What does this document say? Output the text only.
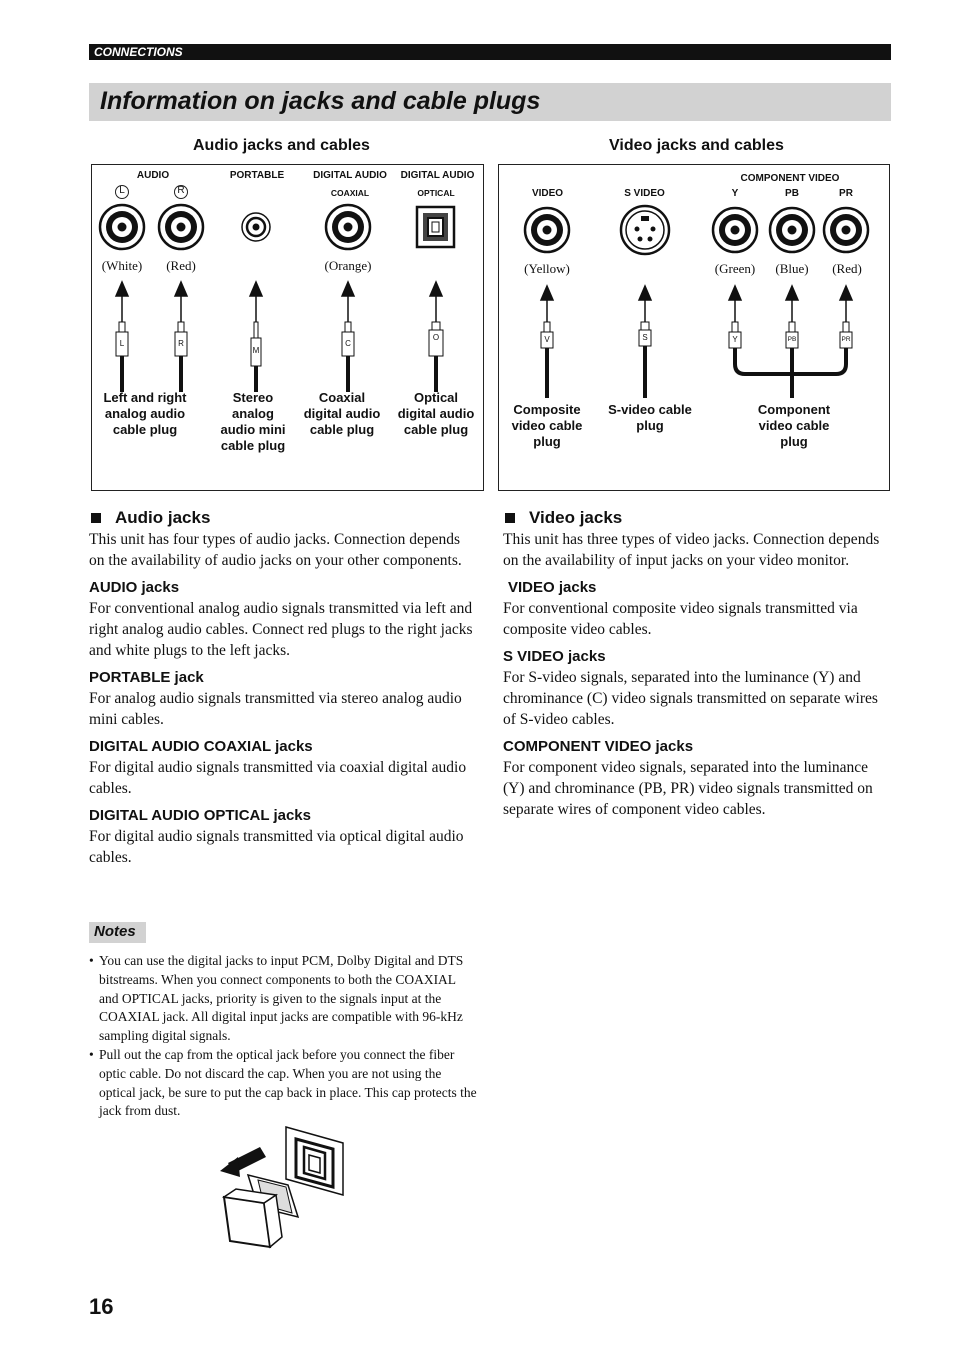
CONNECTIONS
Information on jacks and cable plugs
Audio jacks and cables	Video jacks and cables
AUDIO	PORTABLE	DIGITAL AUDIO	DIGITAL AUDIO
COAXIAL	OPTICAL
L	R
(White)	(Red)	(Orange)
L	R
M
C
O
Left and right analog audio cable plug
Stereo analog audio mini cable plug
Coaxial digital audio cable plug
Optical digital audio cable plug
COMPONENT VIDEO
VIDEO	S VIDEO	Y	PB	PR
(Yellow)	(Green)	(Blue)	(Red)
V	S	Y	PB	PR
Composite video cable plug
S-video cable plug
Component video cable plug
Audio jacks
This unit has four types of audio jacks. Connection depends on the availability of audio jacks on your other components.
AUDIO jacks
For conventional analog audio signals transmitted via left and right analog audio cables. Connect red plugs to the right jacks and white plugs to the left jacks.
PORTABLE jack
For analog audio signals transmitted via stereo analog audio mini cables.
DIGITAL AUDIO COAXIAL jacks
For digital audio signals transmitted via coaxial digital audio cables.
DIGITAL AUDIO OPTICAL jacks
For digital audio signals transmitted via optical digital audio cables.
Notes
• You can use the digital jacks to input PCM, Dolby Digital and DTS bitstreams. When you connect components to both the COAXIAL and OPTICAL jacks, priority is given to the signals input at the COAXIAL jack. All digital input jacks are compatible with 96-kHz sampling digital signals.
• Pull out the cap from the optical jack before you connect the fiber optic cable. Do not discard the cap. When you are not using the optical jack, be sure to put the cap back in place. This cap protects the jack from dust.
Video jacks
This unit has three types of video jacks. Connection depends on the availability of input jacks on your video monitor.
VIDEO jacks
For conventional composite video signals transmitted via composite video cables.
S VIDEO jacks
For S-video signals, separated into the luminance (Y) and chrominance (C) video signals transmitted on separate wires of S-video cables.
COMPONENT VIDEO jacks
For component video signals, separated into the luminance (Y) and chrominance (PB, PR) video signals transmitted on separate wires of component video cables.
16
